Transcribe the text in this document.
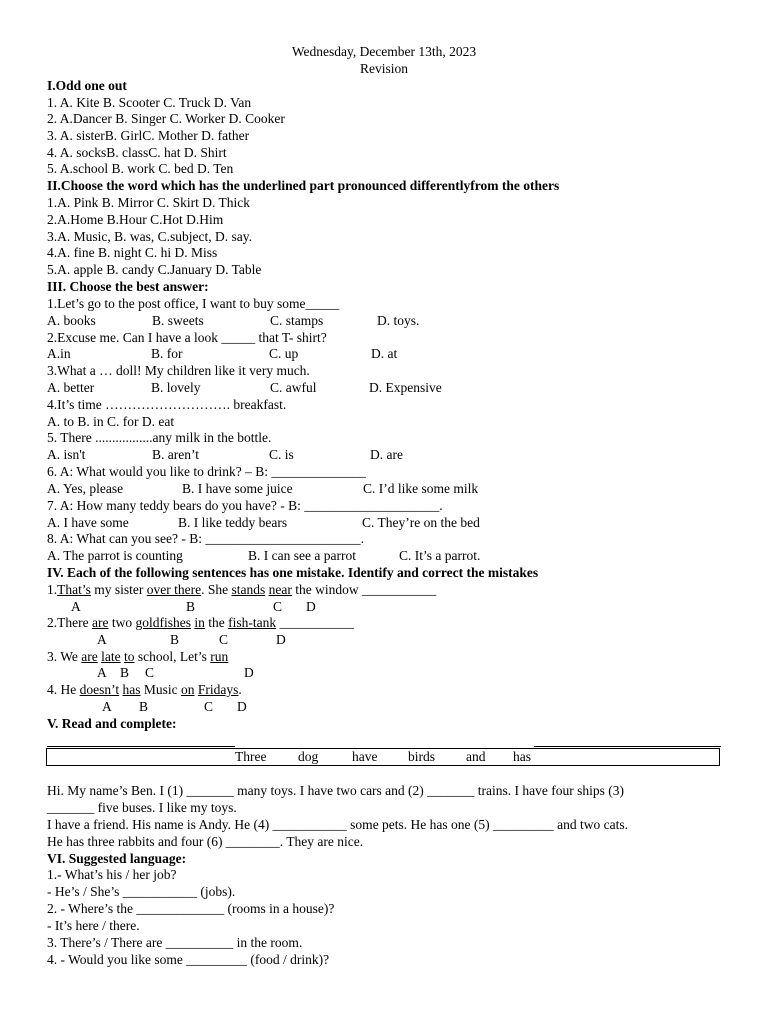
Wednesday, December 13th, 2023
Revision
I.Odd one out
1. A. Kite B. Scooter C. Truck D. Van
2. A.Dancer B. Singer C. Worker D. Cooker
3. A. sisterB. GirlC. Mother D. father
4. A. socksB. classC. hat D. Shirt
5. A.school B. work C. bed D. Ten
II.Choose the word which has the underlined part pronounced differentlyfrom the others
1.A. Pink B. Mirror C. Skirt D. Thick
2.A.Home B.Hour C.Hot D.Him
3.A. Music, B. was, C.subject, D. say.
4.A. fine B. night C. hi D. Miss
5.A. apple B. candy C.January D. Table
III. Choose the best answer:
1.Let’s go to the post office, I want to buy some_____
A. books	B. sweets	C. stamps	D. toys.
2.Excuse me. Can I have a look _____ that T- shirt?
A.in	B. for	C. up	D. at
3.What a … doll! My children like it very much.
A. better	B. lovely	C. awful	D. Expensive
4.It’s time ………………………. breakfast.
A. to B. in C. for D. eat
5. There .................any milk in the bottle.
A. isn't	B. aren’t	C. is	D. are
6. A: What would you like to drink? – B: ______________
A. Yes, please	B. I have some juice	C. I’d like some milk
7. A: How many teddy bears do you have? - B: ____________________.
A. I have some	B. I like teddy bears	C. They’re on the bed
8. A: What can you see? - B: _______________________.
A. The parrot is counting	B. I can see a parrot	C. It’s a parrot.
IV. Each of the following sentences has one mistake. Identify and correct the mistakes
1.That’s my sister over there. She stands near the window ___________
A	B	C D
2.There are two goldfishes in the fish-tank ___________
A	B	C	D
3. We are late to school, Let’s run
A B C	D
4. He doesn’t has Music on Fridays.
A B	C D
V. Read and complete:
Three dog	have birds and has
Hi. My name’s Ben. I (1) _______ many toys. I have two cars and (2) _______ trains. I have four ships (3)
_______ five buses. I like my toys.
I have a friend. His name is Andy. He (4) ___________ some pets. He has one (5) _________ and two cats.
He has three rabbits and four (6) ________. They are nice.
VI. Suggested language:
1.- What’s his / her job?
- He’s / She’s ___________ (jobs).
2. - Where’s the _____________ (rooms in a house)?
- It’s here / there.
3. There’s / There are __________ in the room.
4. - Would you like some _________ (food / drink)?
